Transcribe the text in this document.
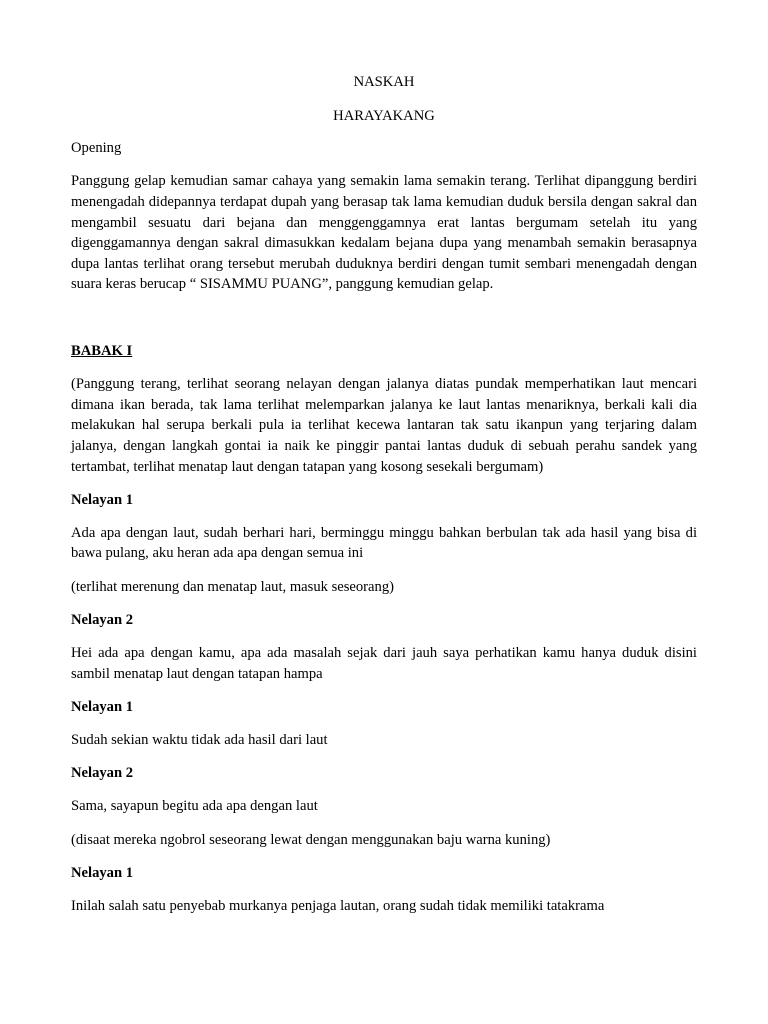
NASKAH

HARAYAKANG

Opening

Panggung gelap kemudian samar cahaya yang semakin lama semakin terang. Terlihat dipanggung berdiri menengadah didepannya terdapat dupah yang berasap tak lama kemudian duduk bersila dengan sakral dan mengambil sesuatu dari bejana dan menggenggamnya erat lantas bergumam setelah itu yang digenggamannya dengan sakral dimasukkan kedalam bejana dupa yang menambah semakin berasapnya dupa lantas terlihat orang tersebut merubah duduknya berdiri dengan tumit sembari menengadah dengan suara keras berucap “ SISAMMU PUANG”, panggung kemudian gelap.

BABAK I

(Panggung terang, terlihat seorang nelayan dengan jalanya diatas pundak memperhatikan laut mencari dimana ikan berada, tak lama terlihat melemparkan jalanya ke laut lantas menariknya, berkali kali dia melakukan hal serupa berkali pula ia terlihat kecewa lantaran tak satu ikanpun yang terjaring dalam jalanya, dengan langkah gontai ia naik ke pinggir pantai lantas duduk di sebuah perahu sandek yang tertambat, terlihat menatap laut dengan tatapan yang kosong sesekali bergumam)

Nelayan 1

Ada apa dengan laut, sudah berhari hari, berminggu minggu bahkan berbulan tak ada hasil yang bisa di bawa pulang, aku heran ada apa dengan semua ini

(terlihat merenung dan menatap laut, masuk seseorang)

Nelayan 2

Hei ada apa dengan kamu, apa ada masalah sejak dari jauh saya perhatikan kamu hanya duduk disini sambil menatap laut dengan tatapan hampa

Nelayan 1

Sudah sekian waktu tidak ada hasil dari laut

Nelayan 2

Sama, sayapun begitu ada apa dengan laut

(disaat mereka ngobrol seseorang lewat dengan menggunakan baju warna kuning)

Nelayan 1

Inilah salah satu penyebab murkanya penjaga lautan, orang sudah tidak memiliki tatakrama
